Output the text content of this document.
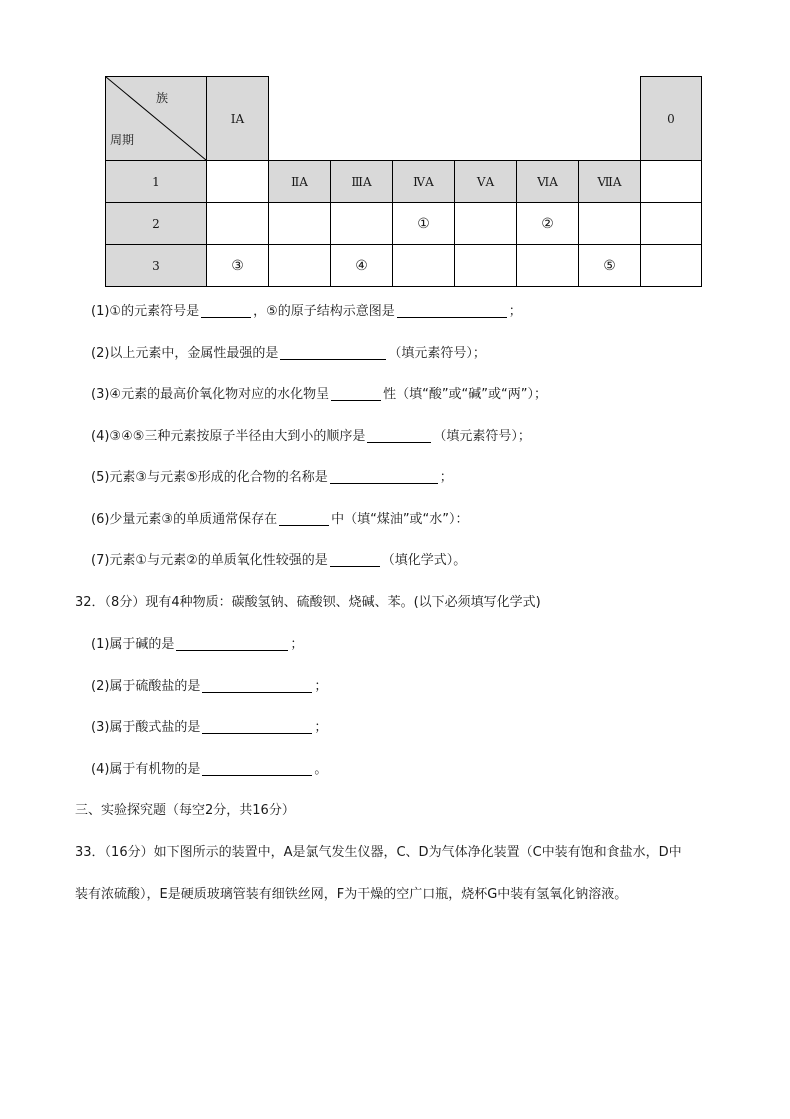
族
周期	ⅠA							0
1		ⅡA	ⅢA	ⅣA	ⅤA	ⅥA	ⅦA	
2				①		②		
3	③		④				⑤	
(1)①的元素符号是	，⑤的原子结构示意图是	；
(2)以上元素中，金属性最强的是	（填元素符号）；
(3)④元素的最高价氧化物对应的水化物呈	性（填“酸”或“碱”或“两”）；
(4)③④⑤三种元素按原子半径由大到小的顺序是	（填元素符号）；
(5)元素③与元素⑤形成的化合物的名称是	；
(6)少量元素③的单质通常保存在	中（填“煤油”或“水”）：
(7)元素①与元素②的单质氧化性较强的是	（填化学式）。
32．（8分）现有4种物质：碳酸氢钠、硫酸钡、烧碱、苯。(以下必须填写化学式)
(1)属于碱的是	；
(2)属于硫酸盐的是	；
(3)属于酸式盐的是	；
(4)属于有机物的是	。
三、实验探究题（每空2分，共16分）
33．（16分）如下图所示的装置中，A是氯气发生仪器，C、D为气体净化装置（C中装有饱和食盐水，D中
装有浓硫酸），E是硬质玻璃管装有细铁丝网，F为干燥的空广口瓶，烧杯G中装有氢氧化钠溶液。
